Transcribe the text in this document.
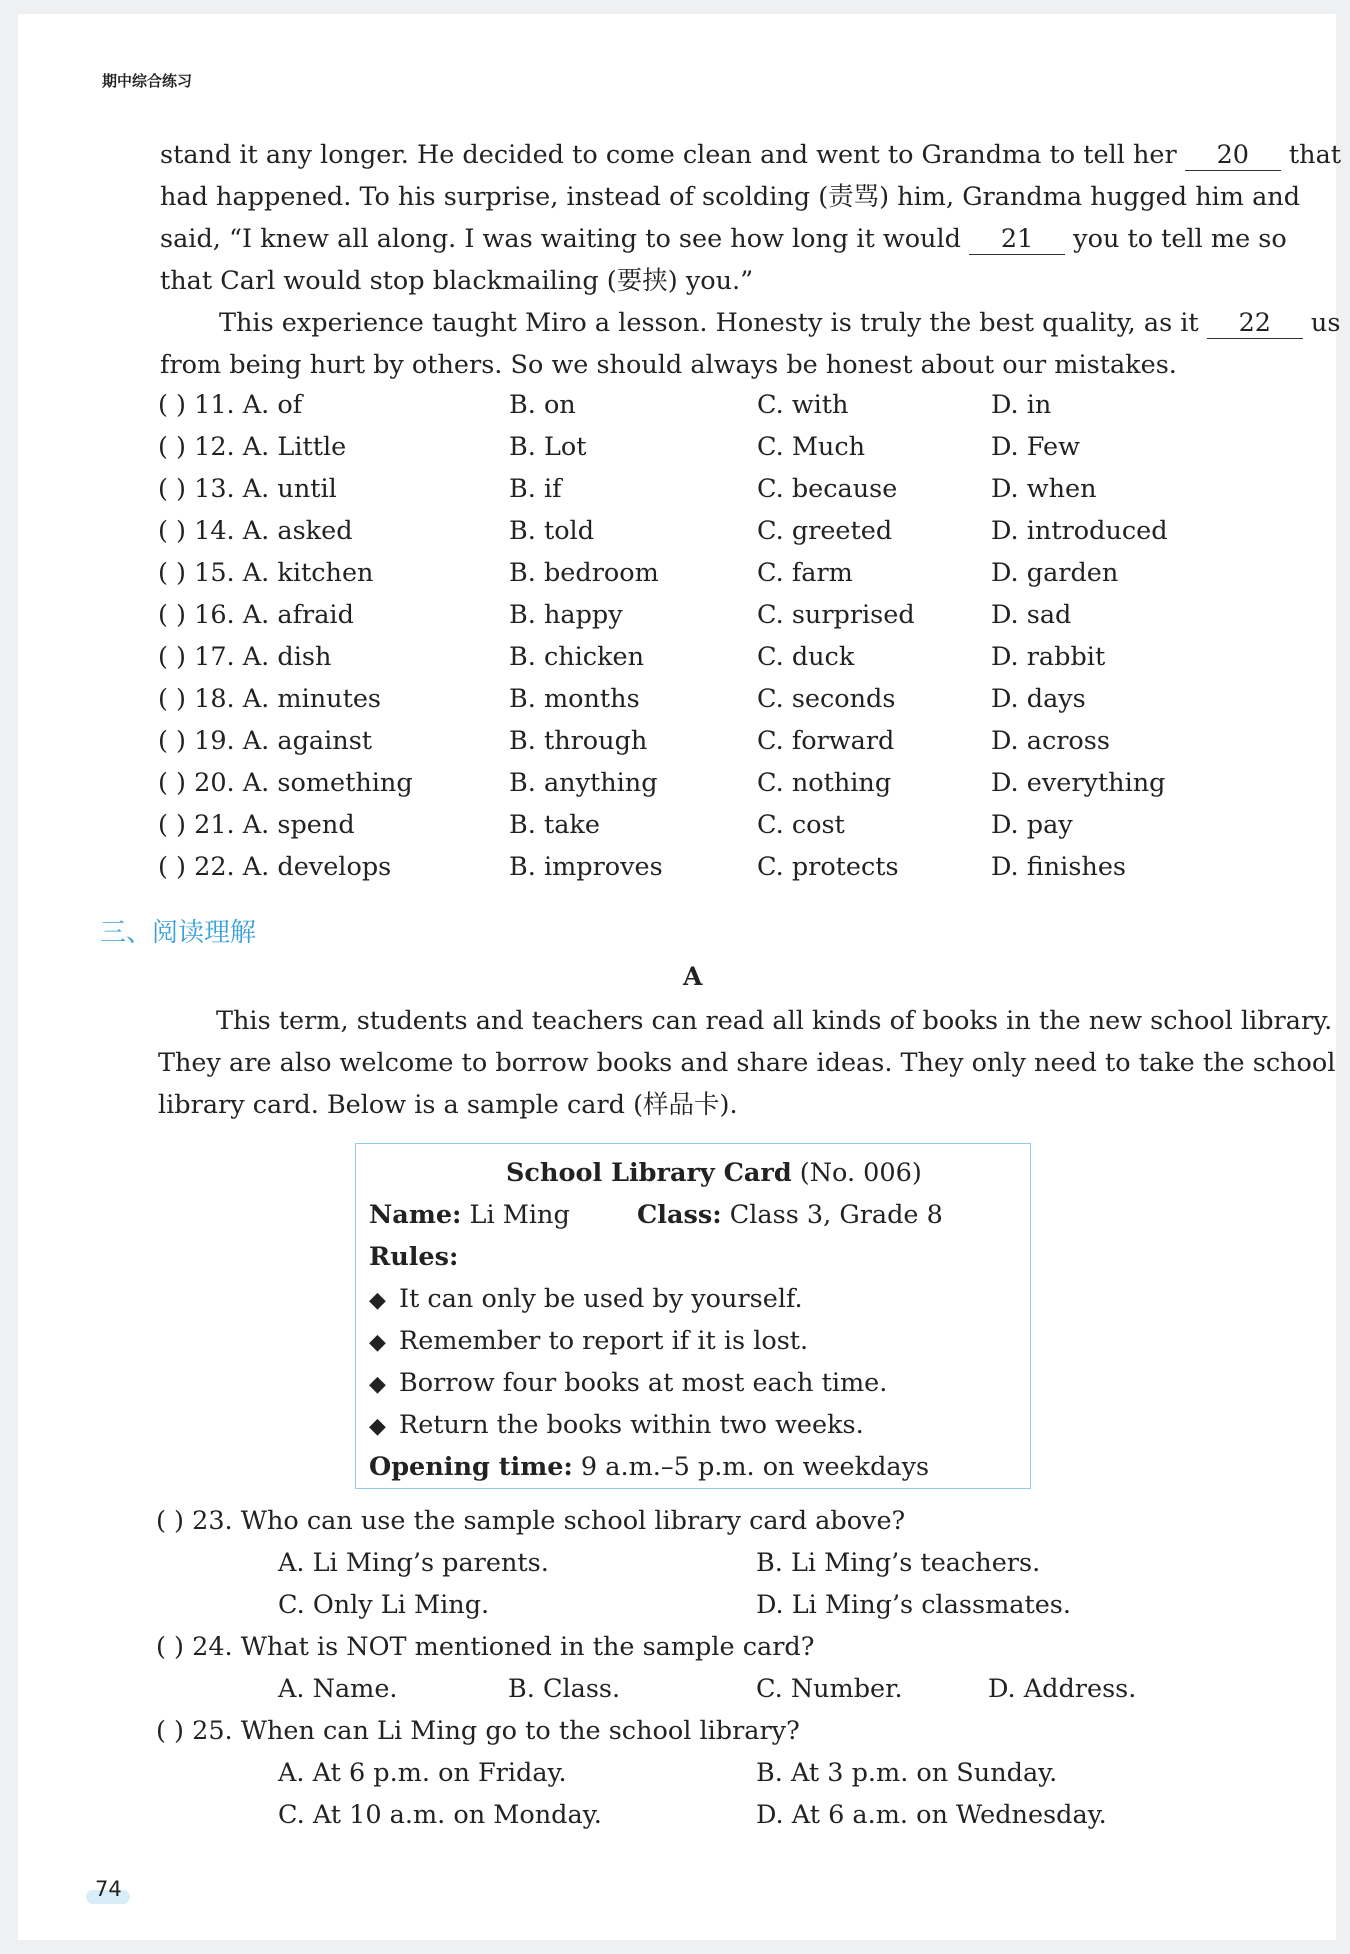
期中综合练习
stand it any longer. He decided to come clean and went to Grandma to tell her 20 that
had happened. To his surprise, instead of scolding (责骂) him, Grandma hugged him and
said, “I knew all along. I was waiting to see how long it would 21 you to tell me so
that Carl would stop blackmailing (要挟) you.”
This experience taught Miro a lesson. Honesty is truly the best quality, as it 22 us
from being hurt by others. So we should always be honest about our mistakes.
( ) 11. A. of	B. on	C. with	D. in
( ) 12. A. Little	B. Lot	C. Much	D. Few
( ) 13. A. until	B. if	C. because	D. when
( ) 14. A. asked	B. told	C. greeted	D. introduced
( ) 15. A. kitchen	B. bedroom	C. farm	D. garden
( ) 16. A. afraid	B. happy	C. surprised	D. sad
( ) 17. A. dish	B. chicken	C. duck	D. rabbit
( ) 18. A. minutes	B. months	C. seconds	D. days
( ) 19. A. against	B. through	C. forward	D. across
( ) 20. A. something	B. anything	C. nothing	D. everything
( ) 21. A. spend	B. take	C. cost	D. pay
( ) 22. A. develops	B. improves	C. protects	D. finishes
三、阅读理解
A
This term, students and teachers can read all kinds of books in the new school library.
They are also welcome to borrow books and share ideas. They only need to take the school
library card. Below is a sample card (样品卡).
School Library Card (No. 006)
Name: Li Ming	Class: Class 3, Grade 8
Rules:
◆ It can only be used by yourself.
◆ Remember to report if it is lost.
◆ Borrow four books at most each time.
◆ Return the books within two weeks.
Opening time: 9 a.m.–5 p.m. on weekdays
( ) 23. Who can use the sample school library card above?
A. Li Ming’s parents.	B. Li Ming’s teachers.
C. Only Li Ming.	D. Li Ming’s classmates.
( ) 24. What is NOT mentioned in the sample card?
A. Name.	B. Class.	C. Number.	D. Address.
( ) 25. When can Li Ming go to the school library?
A. At 6 p.m. on Friday.	B. At 3 p.m. on Sunday.
C. At 10 a.m. on Monday.	D. At 6 a.m. on Wednesday.
74
